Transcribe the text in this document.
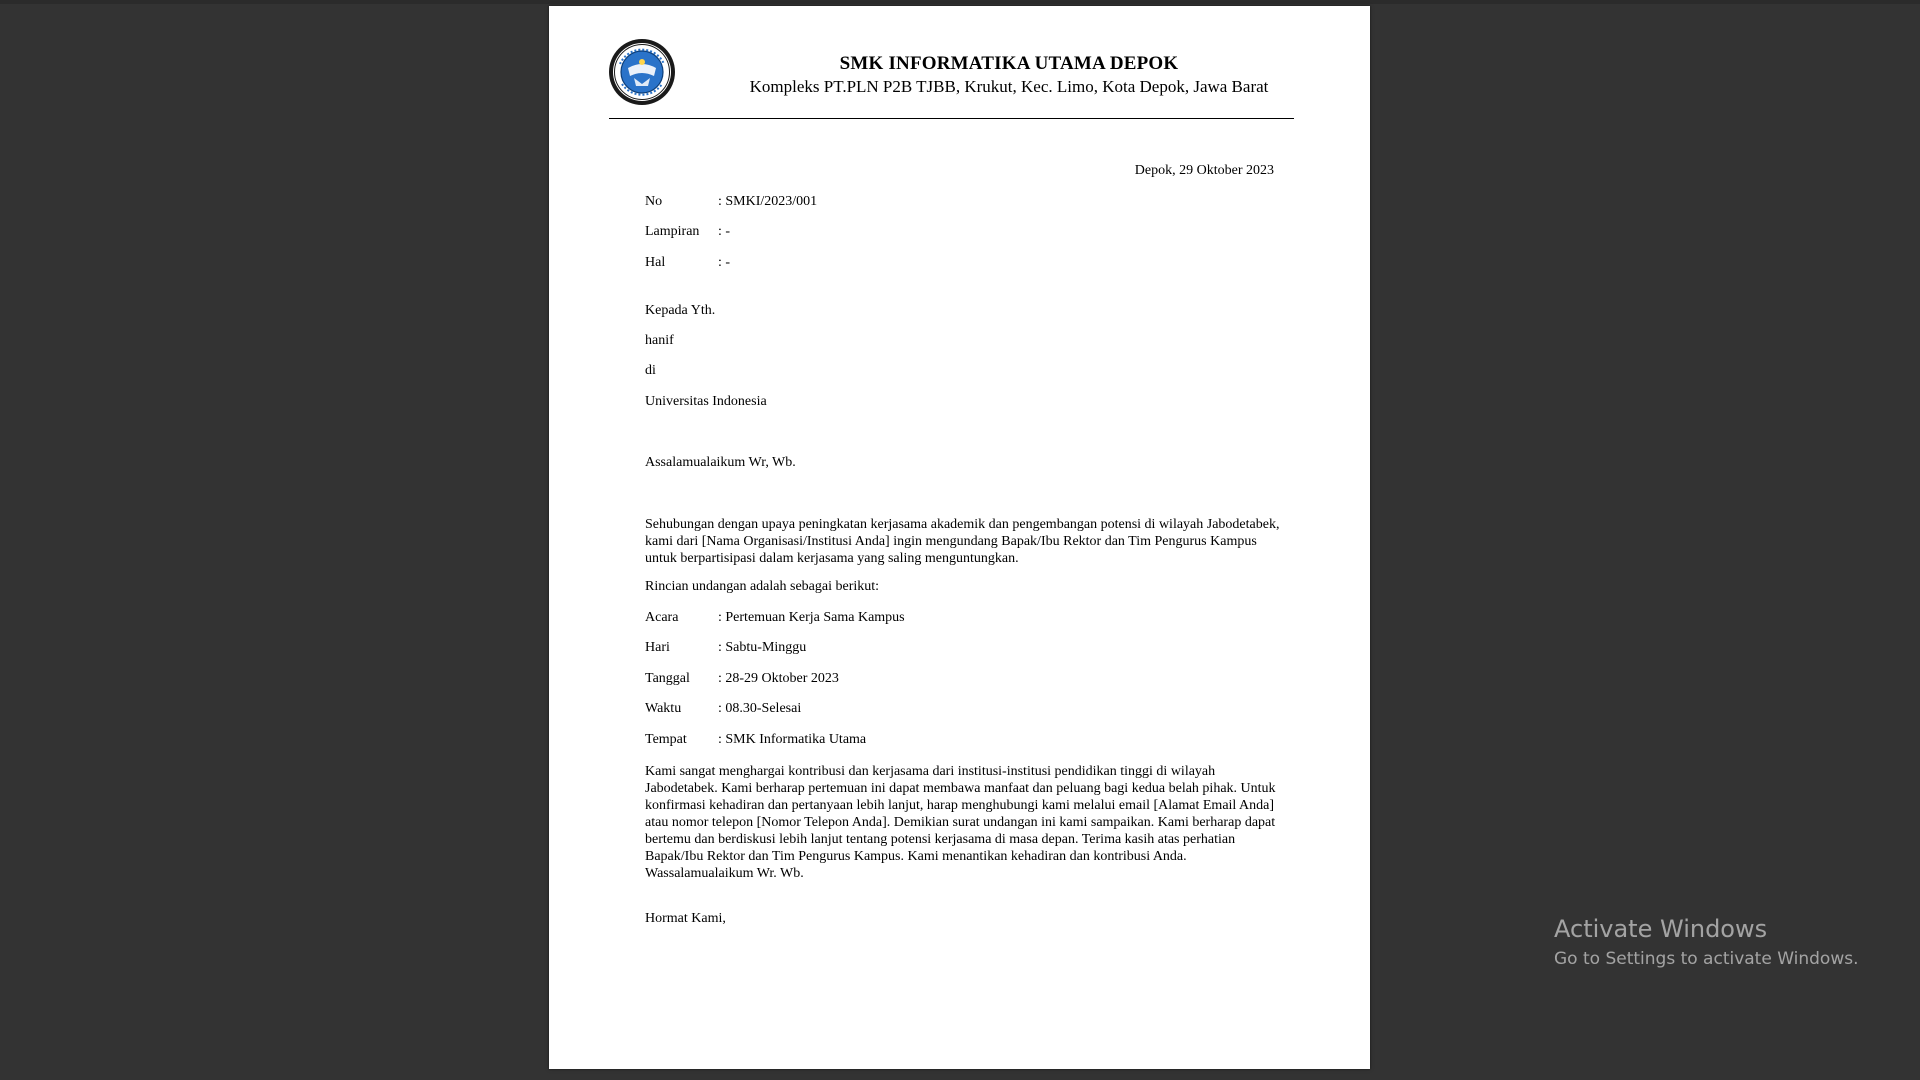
SMK INFORMATIKA UTAMA DEPOK
Kompleks PT.PLN P2B TJBB, Krukut, Kec. Limo, Kota Depok, Jawa Barat
Depok, 29 Oktober 2023
No	: SMKI/2023/001
Lampiran : -
Hal	: -
Kepada Yth.
hanif
di
Universitas Indonesia
Assalamualaikum Wr, Wb.
Sehubungan dengan upaya peningkatan kerjasama akademik dan pengembangan potensi di wilayah Jabodetabek, kami dari [Nama Organisasi/Institusi Anda] ingin mengundang Bapak/Ibu Rektor dan Tim Pengurus Kampus untuk berpartisipasi dalam kerjasama yang saling menguntungkan.
Rincian undangan adalah sebagai berikut:
Acara	: Pertemuan Kerja Sama Kampus
Hari	: Sabtu-Minggu
Tanggal : 28-29 Oktober 2023
Waktu	: 08.30-Selesai
Tempat : SMK Informatika Utama
Kami sangat menghargai kontribusi dan kerjasama dari institusi-institusi pendidikan tinggi di wilayah Jabodetabek. Kami berharap pertemuan ini dapat membawa manfaat dan peluang bagi kedua belah pihak. Untuk konfirmasi kehadiran dan pertanyaan lebih lanjut, harap menghubungi kami melalui email [Alamat Email Anda] atau nomor telepon [Nomor Telepon Anda]. Demikian surat undangan ini kami sampaikan. Kami berharap dapat bertemu dan berdiskusi lebih lanjut tentang potensi kerjasama di masa depan. Terima kasih atas perhatian Bapak/Ibu Rektor dan Tim Pengurus Kampus. Kami menantikan kehadiran dan kontribusi Anda. Wassalamualaikum Wr. Wb.
Hormat Kami,	Activate Windows
Go to Settings to activate Windows.
